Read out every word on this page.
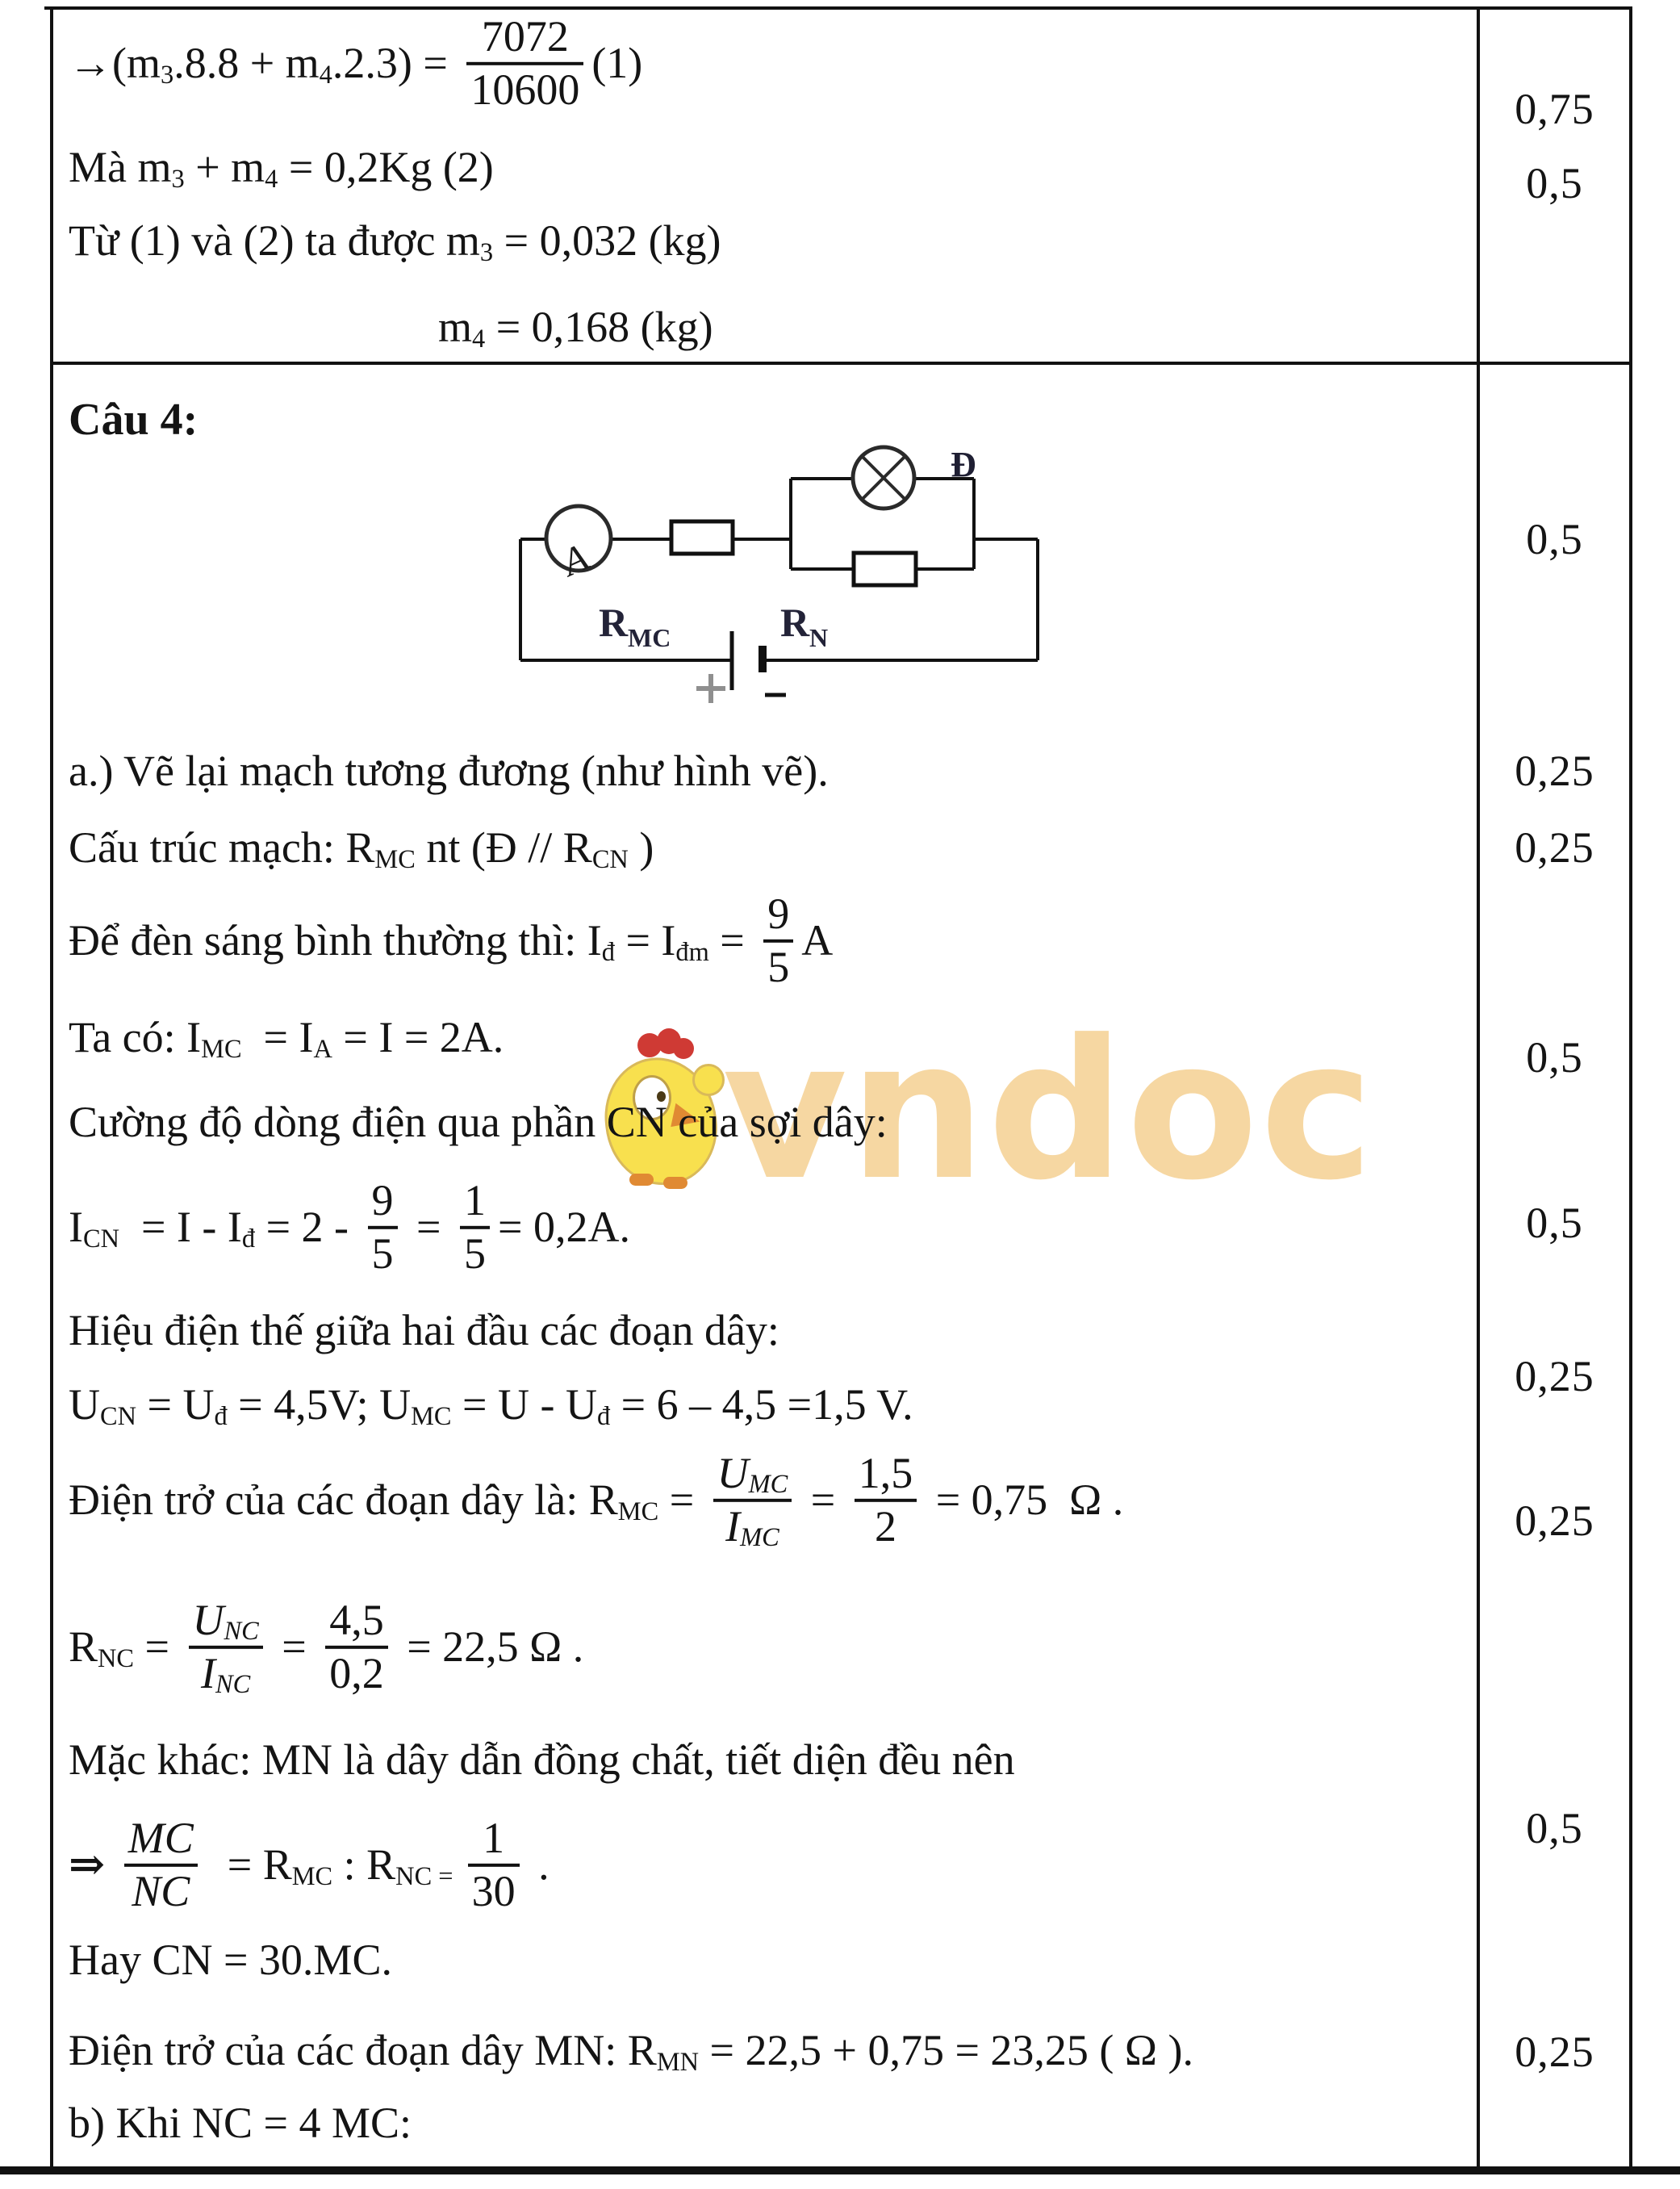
vndoc
A
Đ
R MC	R N
→ (m 3 .8.8 + m 4 $.2.3) = \frac{7072}{10600} (1)$
Mà m 3 + m 4 = 0,2Kg (2)
Từ (1) và (2) ta được m 3 = 0,032 (kg)
m 4 = 0,168 (kg)
Câu 4:
a.) Vẽ lại mạch tương đương (như hình vẽ).
Cấu trúc mạch: R MC nt (Đ // R CN )
Để đèn sáng bình thường thì: I đ = I đm = $\frac{9}{5}$ A
Ta có: I MC = I A = I = 2A.
Cường độ dòng điện qua phần CN của sợi dây:
I CN = I - I đ = $2 - \frac{9}{5} = \frac{1}{5} = 0,2A$.
Hiệu điện thế giữa hai đầu các đoạn dây:
U CN = U đ = 4,5V; U MC = U - U đ = 6 – 4,5 =1,5 V.
Điện trở của các đoạn dây là: R MC = $\frac{\text{U MC}}{\text{I MC}} = \frac{1,5}{2} = 0,75$  Ω .
R NC = $\frac{\text{U NC}}{\text{I NC}} = \frac{4,5}{0,2} = 22,5$ Ω .
Mặc khác: MN là dây dẫn đồng chất, tiết diện đều nên
⇒ $\frac{MC}{NC} = R$ MC : R NC = $\frac{1}{30}$ .
Hay CN = 30.MC.
Điện trở của các đoạn dây MN: R MN = 22,5 + 0,75 = 23,25 ( Ω ).
b) Khi NC = 4 MC:
0,75
0,5
0,5
0,25
0,25
0,5
0,5
0,25
0,25
0,5
0,25
